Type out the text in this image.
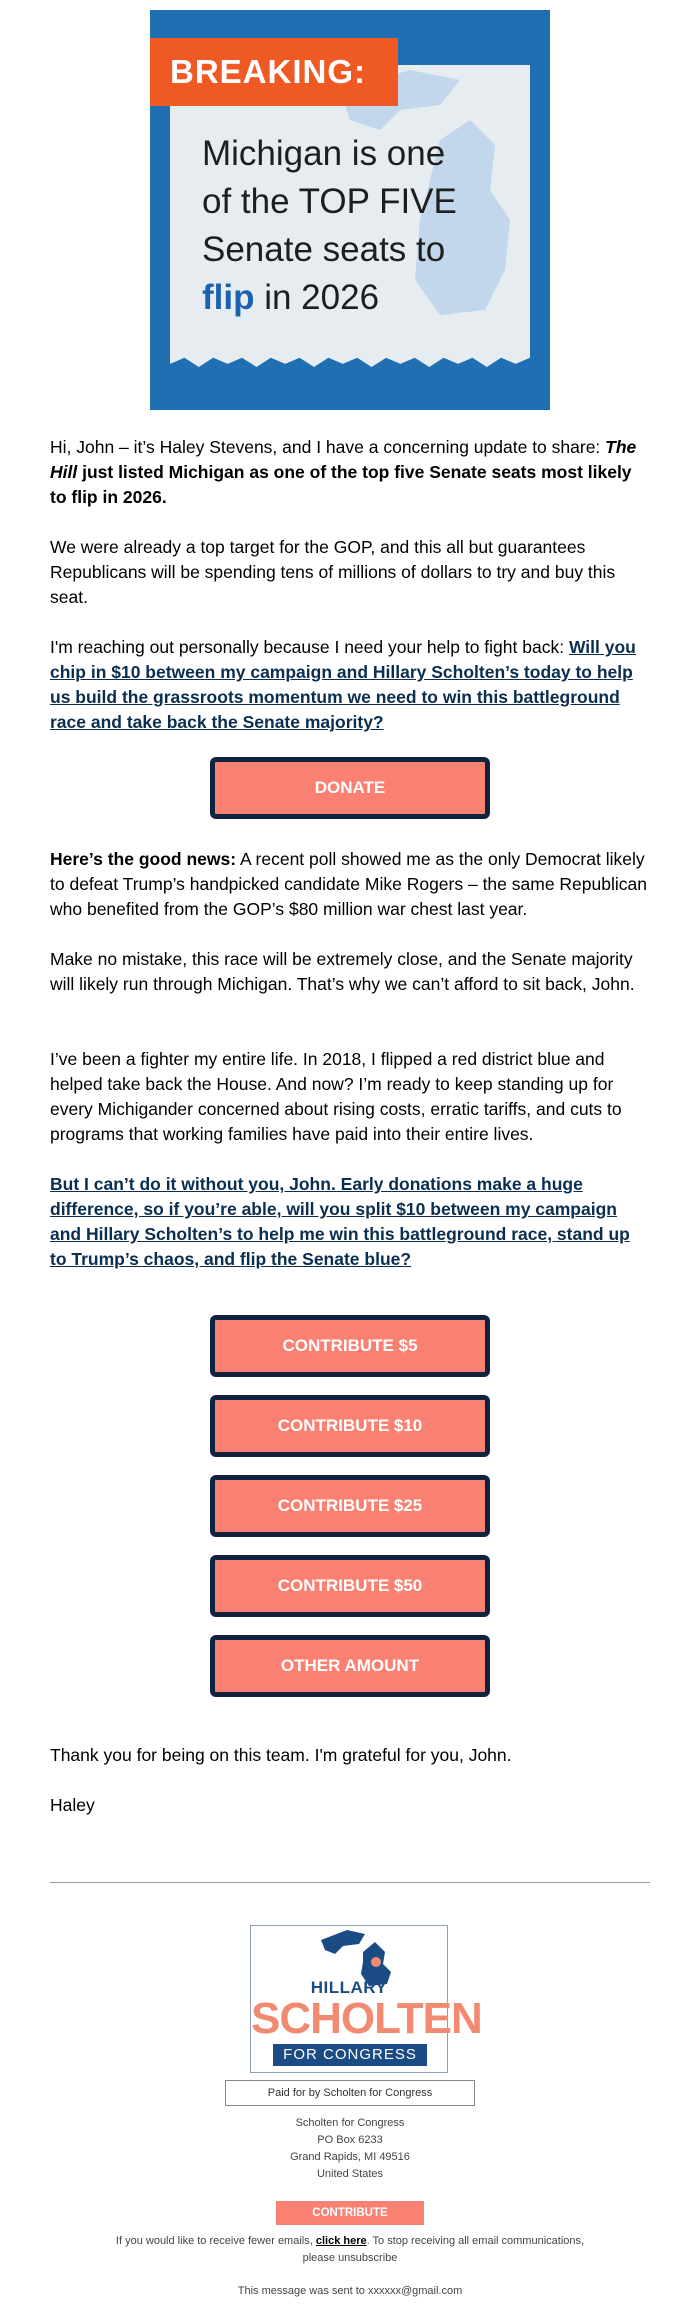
BREAKING:
Michigan is one
of the TOP FIVE
Senate seats to
flip in 2026
Hi, John – it’s Haley Stevens, and I have a concerning update to share: The Hill just listed Michigan as one of the top five Senate seats most likely to flip in 2026.
We were already a top target for the GOP, and this all but guarantees Republicans will be spending tens of millions of dollars to try and buy this seat.
I'm reaching out personally because I need your help to fight back: Will you chip in $10 between my campaign and Hillary Scholten’s today to help us build the grassroots momentum we need to win this battleground race and take back the Senate majority?
DONATE
Here’s the good news: A recent poll showed me as the only Democrat likely to defeat Trump’s handpicked candidate Mike Rogers – the same Republican who benefited from the GOP’s $80 million war chest last year.
Make no mistake, this race will be extremely close, and the Senate majority will likely run through Michigan. That’s why we can’t afford to sit back, John.
I’ve been a fighter my entire life. In 2018, I flipped a red district blue and helped take back the House. And now? I’m ready to keep standing up for every Michigander concerned about rising costs, erratic tariffs, and cuts to programs that working families have paid into their entire lives.
But I can’t do it without you, John. Early donations make a huge difference, so if you’re able, will you split $10 between my campaign and Hillary Scholten’s to help me win this battleground race, stand up to Trump’s chaos, and flip the Senate blue?
CONTRIBUTE $5
CONTRIBUTE $10
CONTRIBUTE $25
CONTRIBUTE $50
OTHER AMOUNT
Thank you for being on this team. I'm grateful for you, John.
Haley
HILLARY
SCHOLTEN
FOR CONGRESS
Paid for by Scholten for Congress
Scholten for Congress
PO Box 6233
Grand Rapids, MI 49516
United States
CONTRIBUTE
If you would like to receive fewer emails, click here. To stop receiving all email communications,
please unsubscribe
This message was sent to xxxxxx@gmail.com
